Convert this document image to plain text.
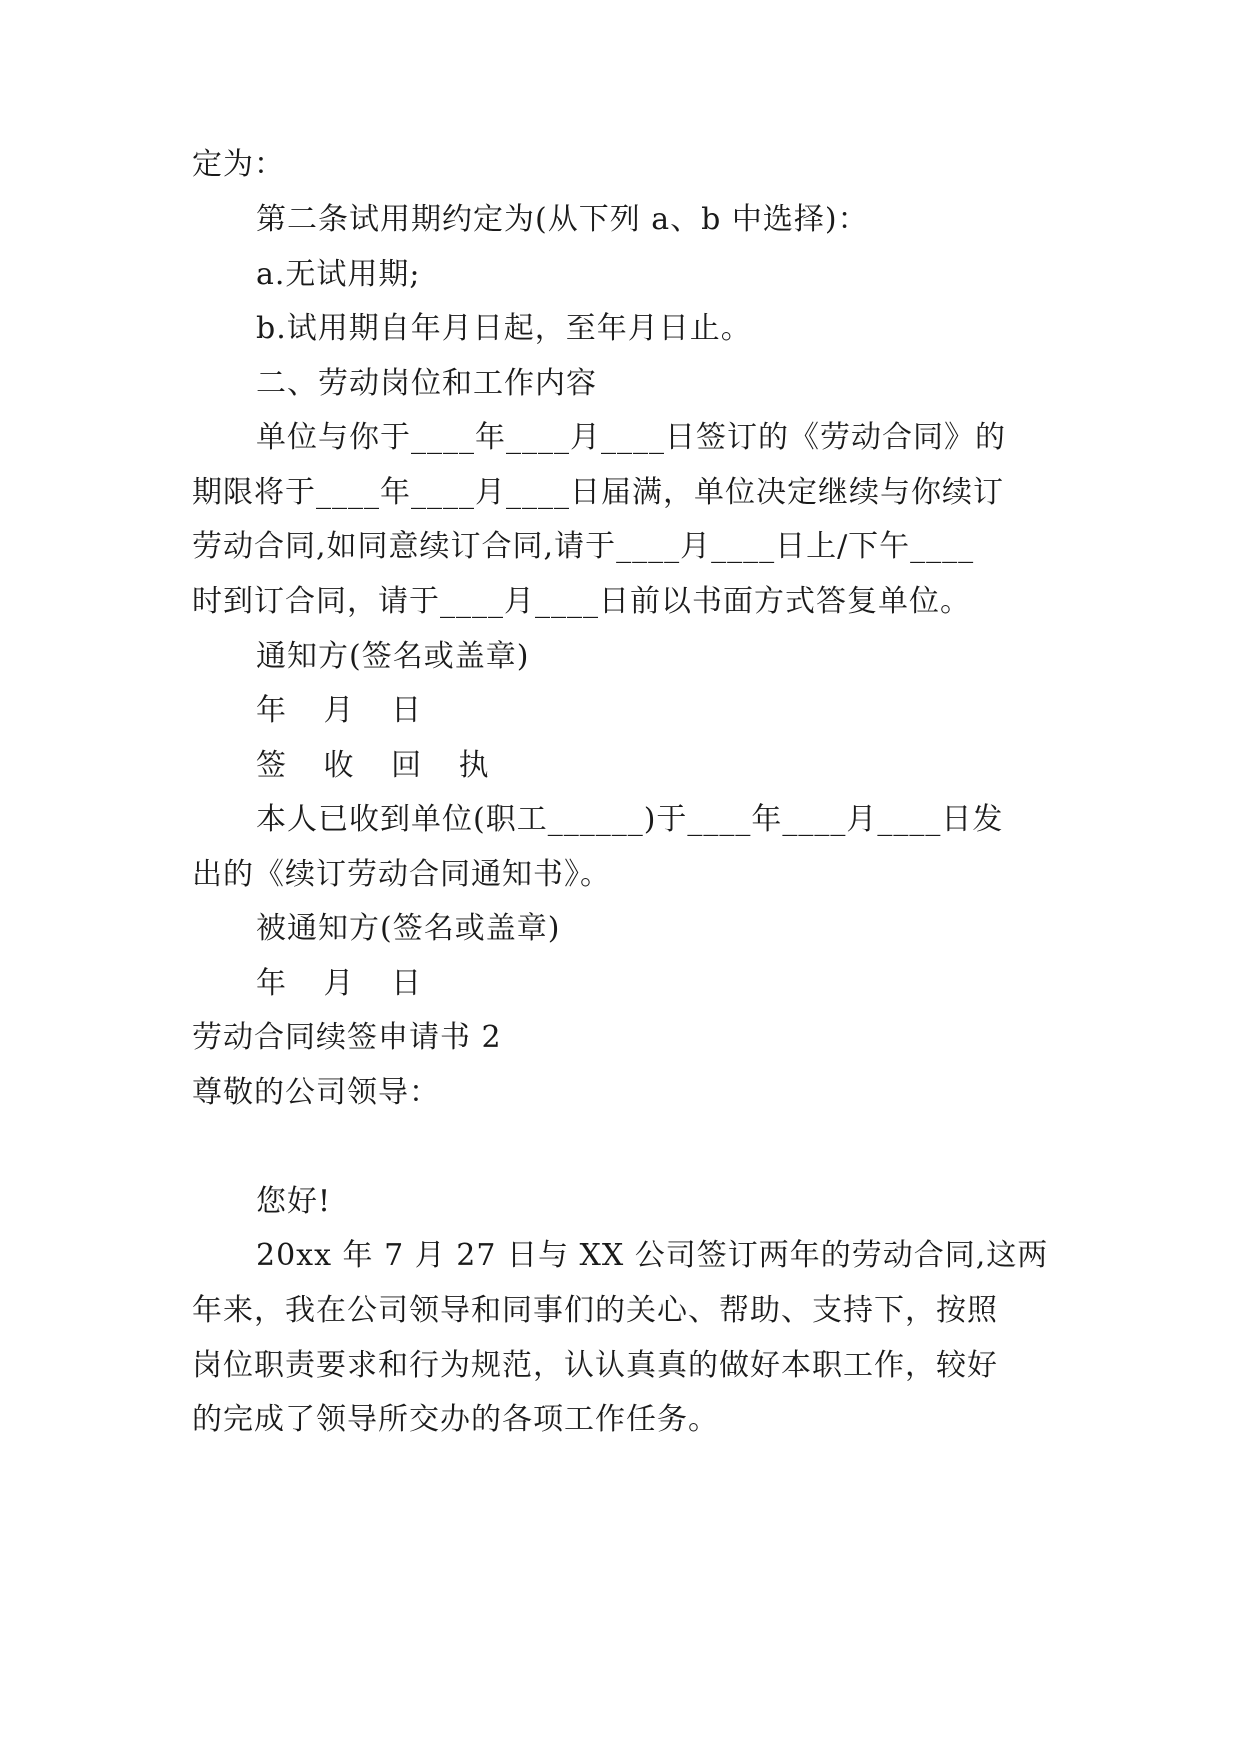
定为：
第二条试用期约定为(从下列 a、b 中选择)：
a.无试用期;
b.试用期自年月日起，至年月日止。
二、劳动岗位和工作内容
单位与你于____年____月____日签订的《劳动合同》的
期限将于____年____月____日届满，单位决定继续与你续订
劳动合同,如同意续订合同,请于____月____日上/下午____
时到订合同，请于____月____日前以书面方式答复单位。
通知方(签名或盖章)
年 月 日
签 收 回 执
本人已收到单位(职工______)于____年____月____日发
出的《续订劳动合同通知书》。
被通知方(签名或盖章)
年 月 日
劳动合同续签申请书 2
尊敬的公司领导：
您好!
20xx 年 7 月 27 日与 XX 公司签订两年的劳动合同,这两
年来，我在公司领导和同事们的关心、帮助、支持下，按照
岗位职责要求和行为规范，认认真真的做好本职工作，较好
的完成了领导所交办的各项工作任务。
